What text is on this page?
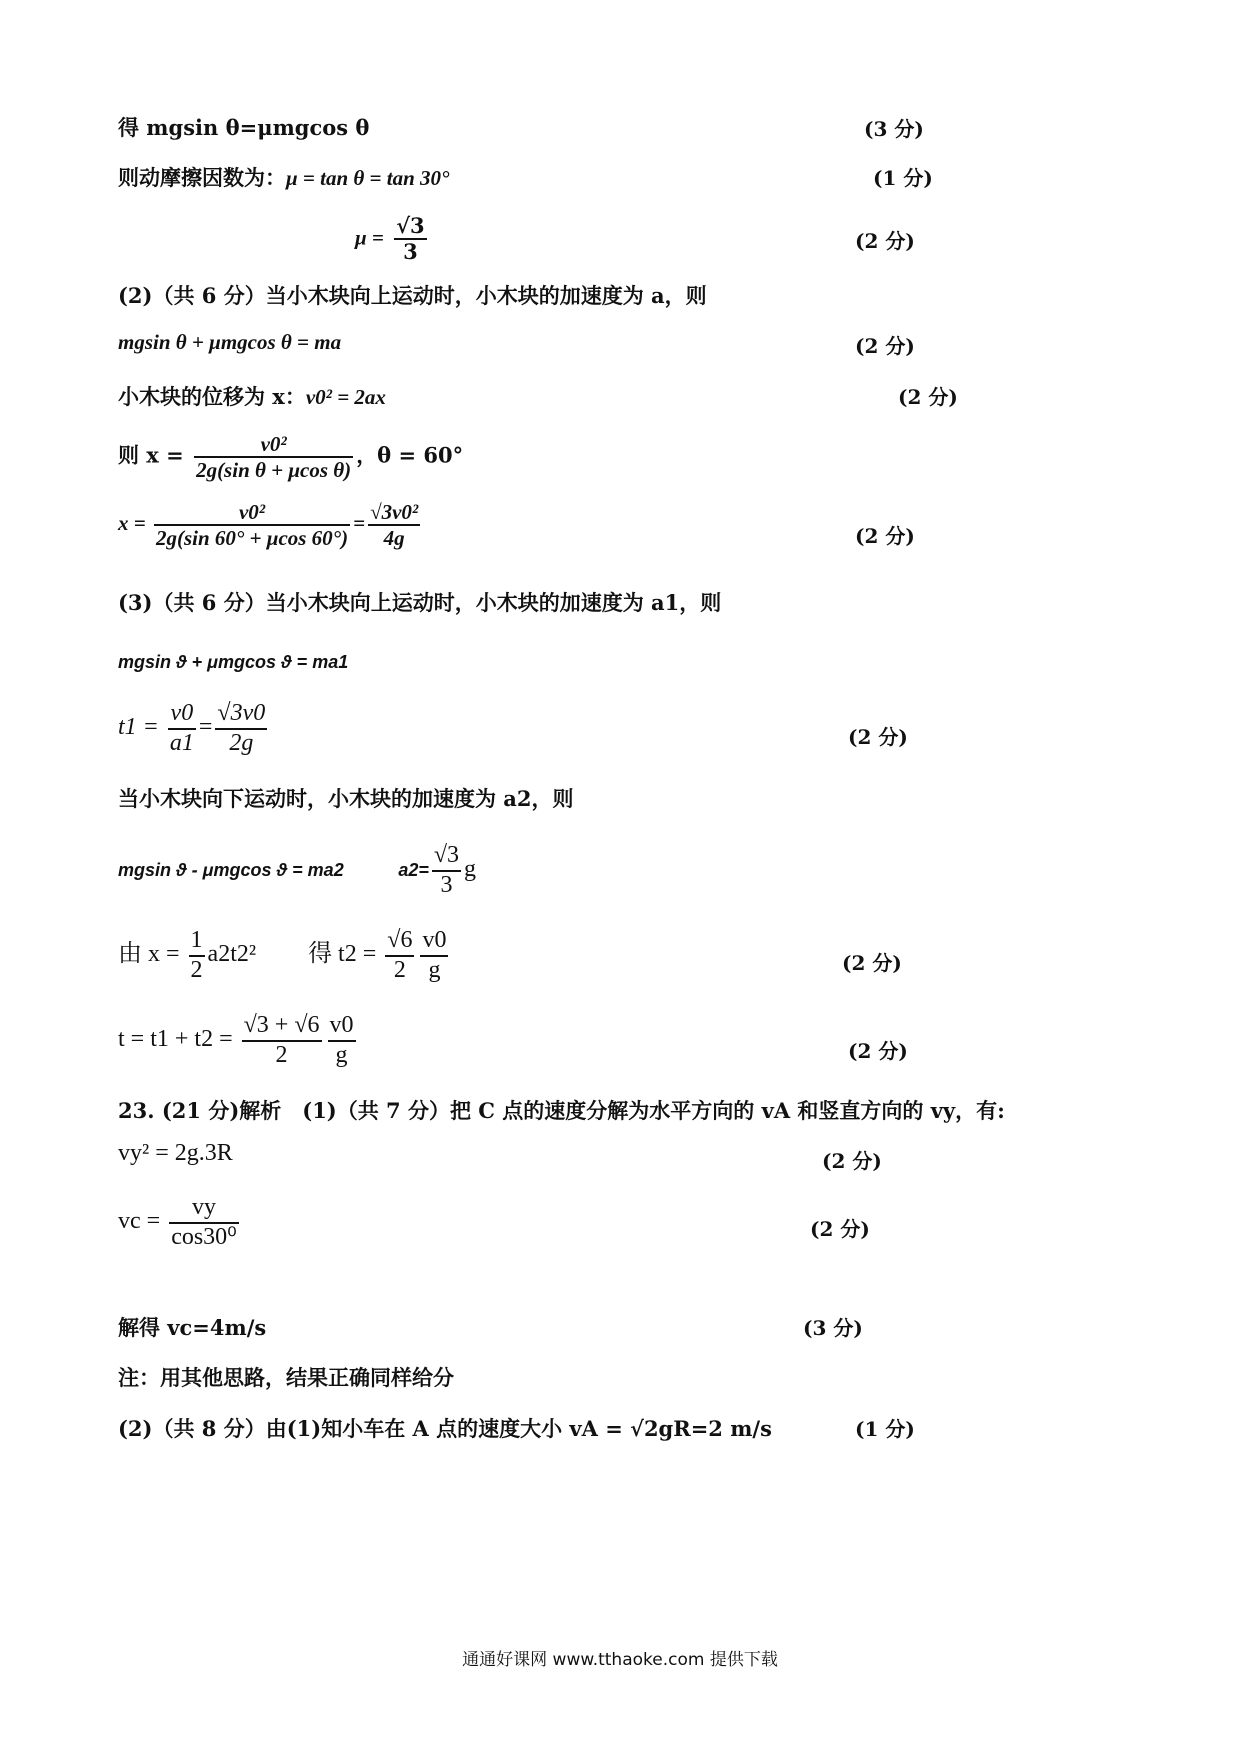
得 mgsin θ=μmgcos θ	(3 分)
则动摩擦因数为：μ = tan θ = tan 30°	(1 分)
$\mu = \frac{√3}{3}$	(2 分)
(2)（共 6 分）当小木块向上运动时，小木块的加速度为 a，则
mgsin θ + μmgcos θ = ma	(2 分)
小木块的位移为 x：v0² = 2ax	(2 分)
则 $x = \frac{\text{v0²}}{\text{2g(sin θ + μcos θ)}}$ ，θ = 60°
$x = \frac{\text{v0²}}{2g(\sin 60^\circ + \mu\cos 60^\circ)} = \frac{\text{√3v0²}}{4g}$	(2 分)
(3)（共 6 分）当小木块向上运动时，小木块的加速度为 a1，则
mgsin ϑ + μmgcos ϑ = ma1
$t1 = \frac{v0}{a1} = \frac{√3v0}{2g}$	(2 分)
当小木块向下运动时，小木块的加速度为 a2，则
mgsin ϑ - μmgcos ϑ = ma2	$a2= \frac{√3}{3}$ g
由 $x = \frac{1}{2} a2t2^2$ 得 $t2 = \frac{√6}{2} \frac{v0}{g}$	(2 分)
$t = t1 + t2 = \frac{√3 + √6}{2} \frac{v0}{g}$	(2 分)
23. (21 分)解析　(1)（共 7 分）把 C 点的速度分解为水平方向的 vA 和竖直方向的 vy，有:
vy² = 2g.3R	(2 分)
vc = $\frac{vy}{\text{cos30⁰}}$	(2 分)
解得 vc=4m/s	(3 分)
注：用其他思路，结果正确同样给分
(2)（共 8 分）由(1)知小车在 A 点的速度大小 vA = √2gR=2 m/s	(1 分)
通通好课网 www.tthaoke.com 提供下载
